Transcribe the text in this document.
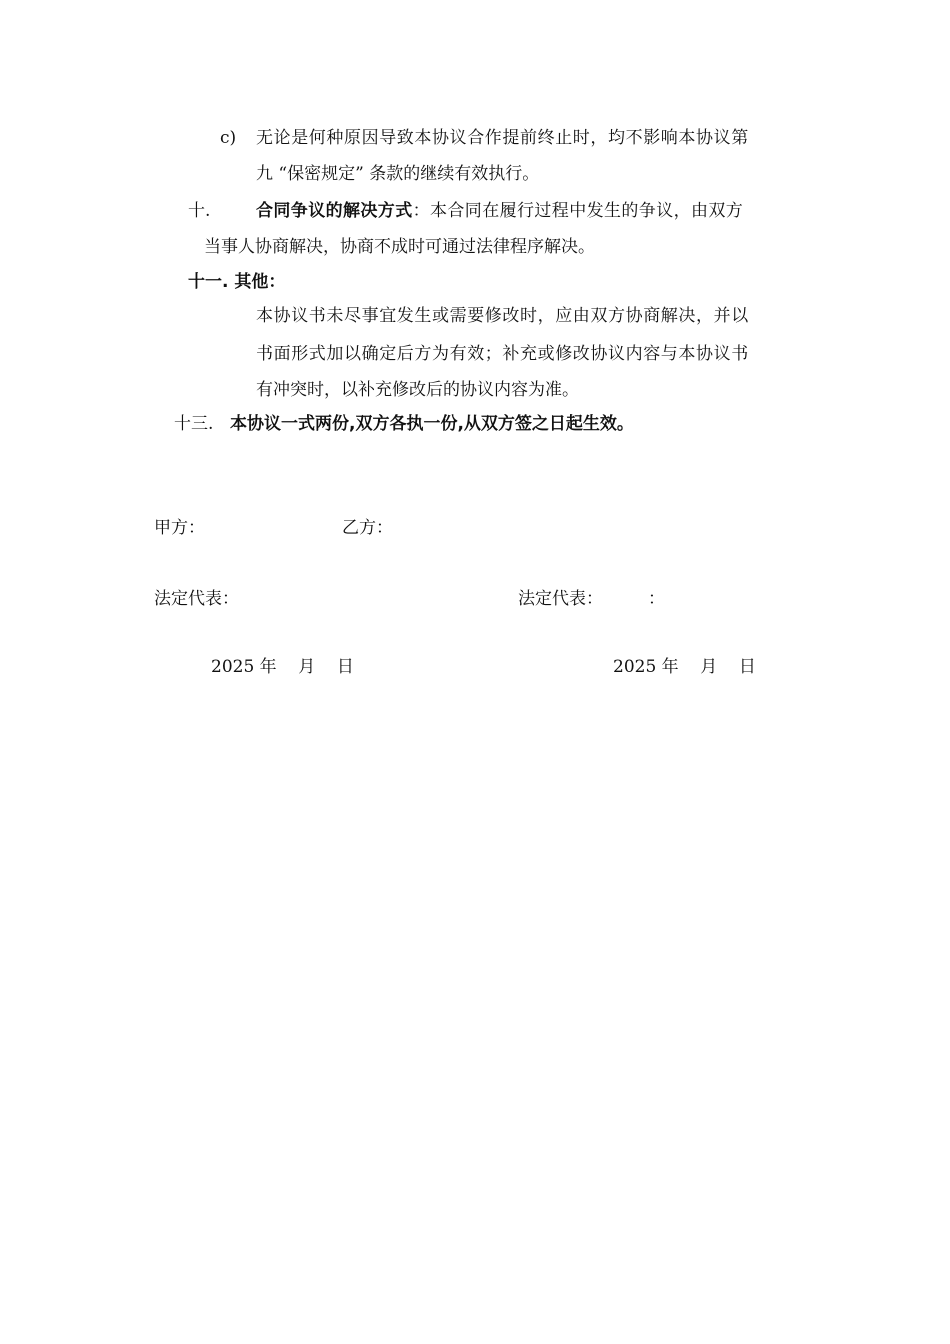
c) 无论是何种原因导致本协议合作提前终止时，均不影响本协议第
九 “保密规定” 条款的继续有效执行。
十.	合同争议的解决方式：本合同在履行过程中发生的争议，由双方
当事人协商解决，协商不成时可通过法律程序解决。
十一. 其他：
本协议书未尽事宜发生或需要修改时，应由双方协商解决，并以
书面形式加以确定后方为有效；补充或修改协议内容与本协议书
有冲突时，以补充修改后的协议内容为准。
十三. 本协议一式两份,双方各执一份,从双方签之日起生效。
甲方：	乙方：
法定代表：	法定代表：	：
2025 年    月    日	2025 年    月    日
